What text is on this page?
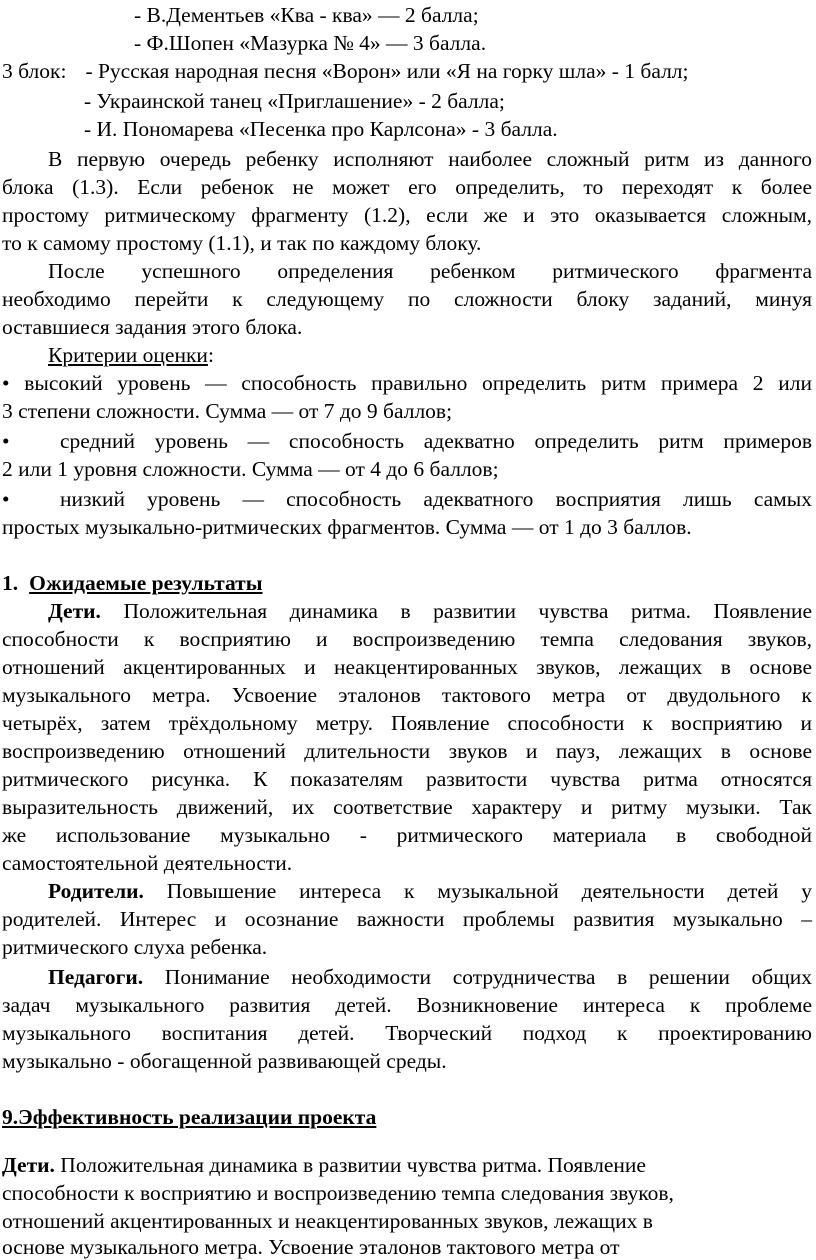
- В.Дементьев «Ква - ква» — 2 балла;
- Ф.Шопен «Мазурка № 4» — 3 балла.
3 блок: - Русская народная песня «Ворон» или «Я на горку шла» - 1 балл;
- Украинской танец «Приглашение» - 2 балла;
- И. Пономарева «Песенка про Карлсона» - 3 балла.
В первую очередь ребенку исполняют наиболее сложный ритм из данного
блока (1.3). Если ребенок не может его определить, то переходят к более
простому ритмическому фрагменту (1.2), если же и это оказывается сложным,
то к самому простому (1.1), и так по каждому блоку.
После успешного определения ребенком ритмического фрагмента
необходимо перейти к следующему по сложности блоку заданий, минуя
оставшиеся задания этого блока.
Критерии оценки:
• высокий уровень — способность правильно определить ритм примера 2 или
3 степени сложности. Сумма — от 7 до 9 баллов;
• средний уровень — способность адекватно определить ритм примеров
2 или 1 уровня сложности. Сумма — от 4 до 6 баллов;
• низкий уровень — способность адекватного восприятия лишь самых
простых музыкально-ритмических фрагментов. Сумма — от 1 до 3 баллов.
1. Ожидаемые результаты
Дети. Положительная динамика в развитии чувства ритма. Появление
способности к восприятию и воспроизведению темпа следования звуков,
отношений акцентированных и неакцентированных звуков, лежащих в основе
музыкального метра. Усвоение эталонов тактового метра от двудольного к
четырёх, затем трёхдольному метру. Появление способности к восприятию и
воспроизведению отношений длительности звуков и пауз, лежащих в основе
ритмического рисунка. К показателям развитости чувства ритма относятся
выразительность движений, их соответствие характеру и ритму музыки. Так
же использование музыкально - ритмического материала в свободной
самостоятельной деятельности.
Родители. Повышение интереса к музыкальной деятельности детей у
родителей. Интерес и осознание важности проблемы развития музыкально –
ритмического слуха ребенка.
Педагоги. Понимание необходимости сотрудничества в решении общих
задач музыкального развития детей. Возникновение интереса к проблеме
музыкального воспитания детей. Творческий подход к проектированию
музыкально - обогащенной развивающей среды.
9.Эффективность реализации проекта
Дети. Положительная динамика в развитии чувства ритма. Появление
способности к восприятию и воспроизведению темпа следования звуков,
отношений акцентированных и неакцентированных звуков, лежащих в
основе музыкального метра. Усвоение эталонов тактового метра от
